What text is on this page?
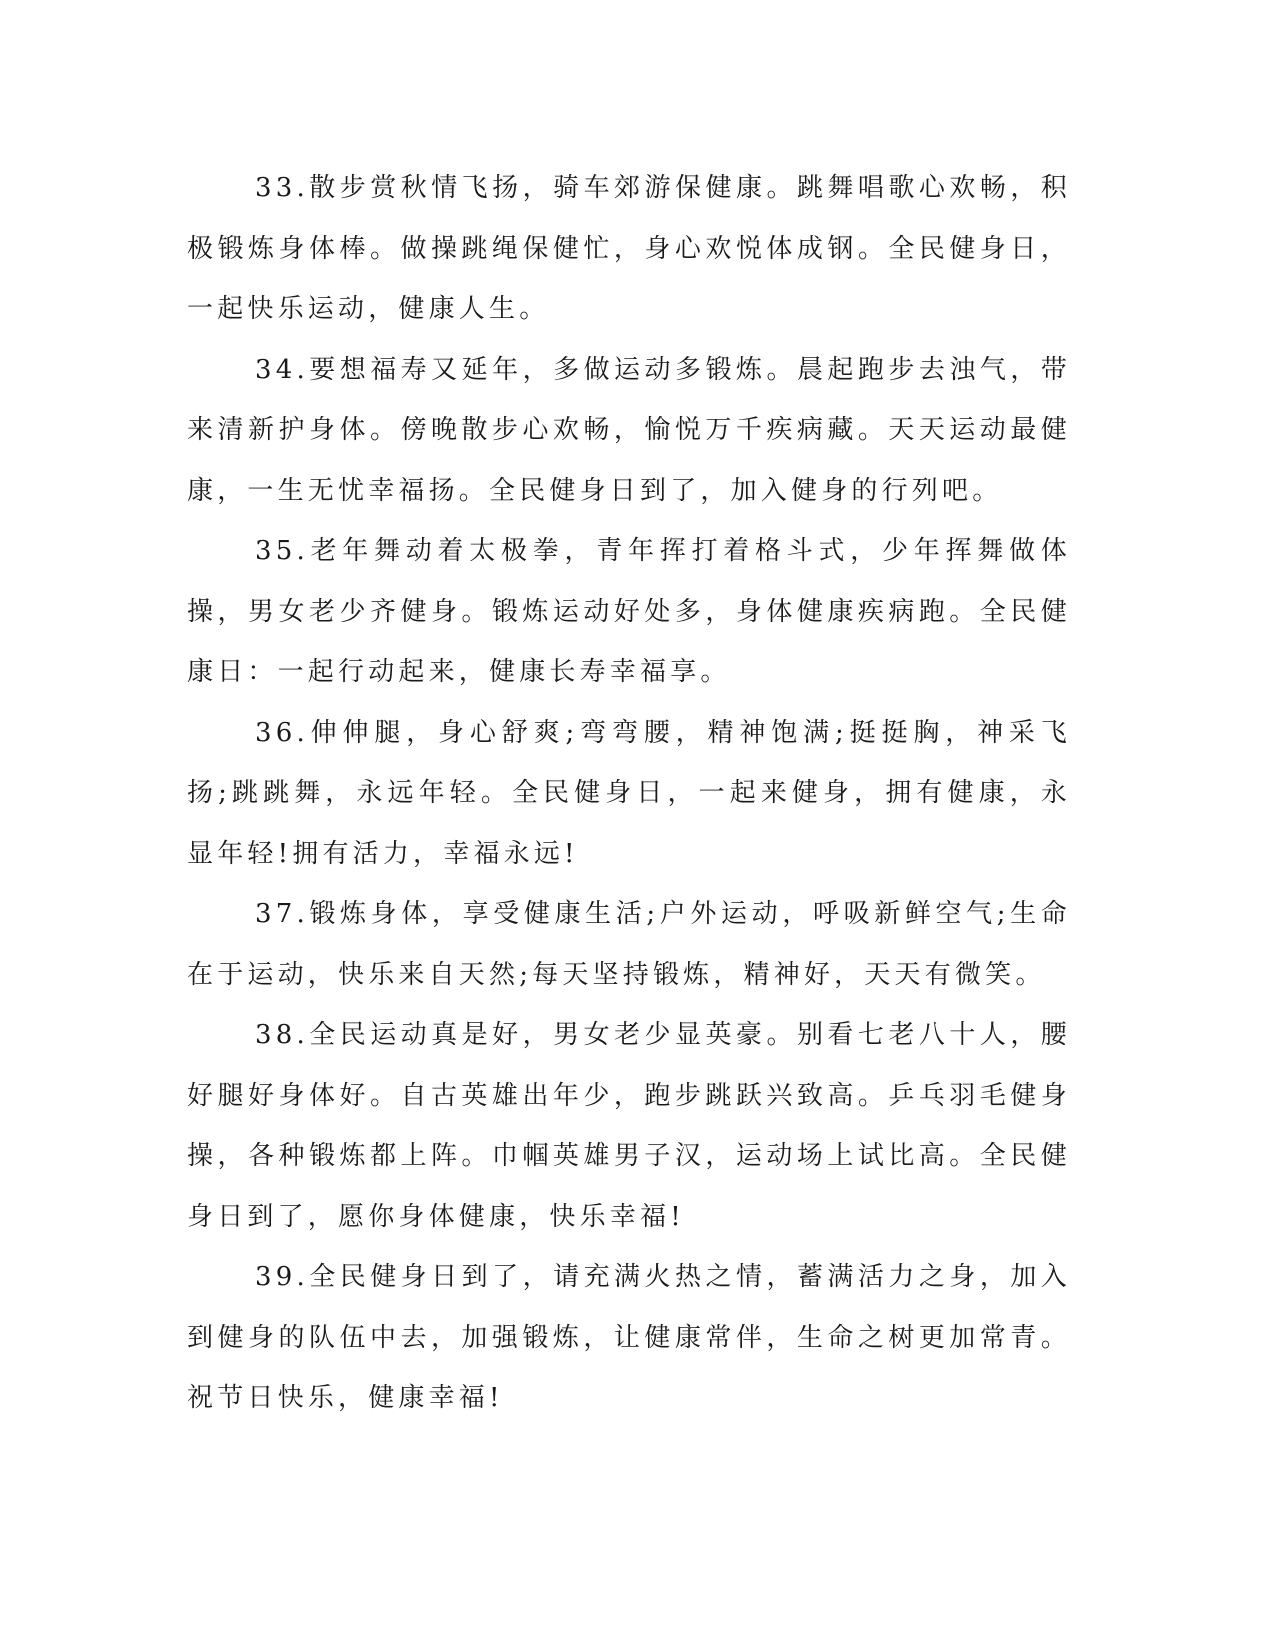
33.散步赏秋情飞扬，骑车郊游保健康。跳舞唱歌心欢畅，积极锻炼身体棒。做操跳绳保健忙，身心欢悦体成钢。全民健身日，一起快乐运动，健康人生。

34.要想福寿又延年，多做运动多锻炼。晨起跑步去浊气，带来清新护身体。傍晚散步心欢畅，愉悦万千疾病藏。天天运动最健康，一生无忧幸福扬。全民健身日到了，加入健身的行列吧。

35.老年舞动着太极拳，青年挥打着格斗式，少年挥舞做体操，男女老少齐健身。锻炼运动好处多，身体健康疾病跑。全民健康日：一起行动起来，健康长寿幸福享。

36.伸伸腿，身心舒爽;弯弯腰，精神饱满;挺挺胸，神采飞扬;跳跳舞，永远年轻。全民健身日，一起来健身，拥有健康，永显年轻!拥有活力，幸福永远!

37.锻炼身体，享受健康生活;户外运动，呼吸新鲜空气;生命在于运动，快乐来自天然;每天坚持锻炼，精神好，天天有微笑。

38.全民运动真是好，男女老少显英豪。别看七老八十人，腰好腿好身体好。自古英雄出年少，跑步跳跃兴致高。乒乓羽毛健身操，各种锻炼都上阵。巾帼英雄男子汉，运动场上试比高。全民健身日到了，愿你身体健康，快乐幸福!

39.全民健身日到了，请充满火热之情，蓄满活力之身，加入到健身的队伍中去，加强锻炼，让健康常伴，生命之树更加常青。祝节日快乐，健康幸福!
